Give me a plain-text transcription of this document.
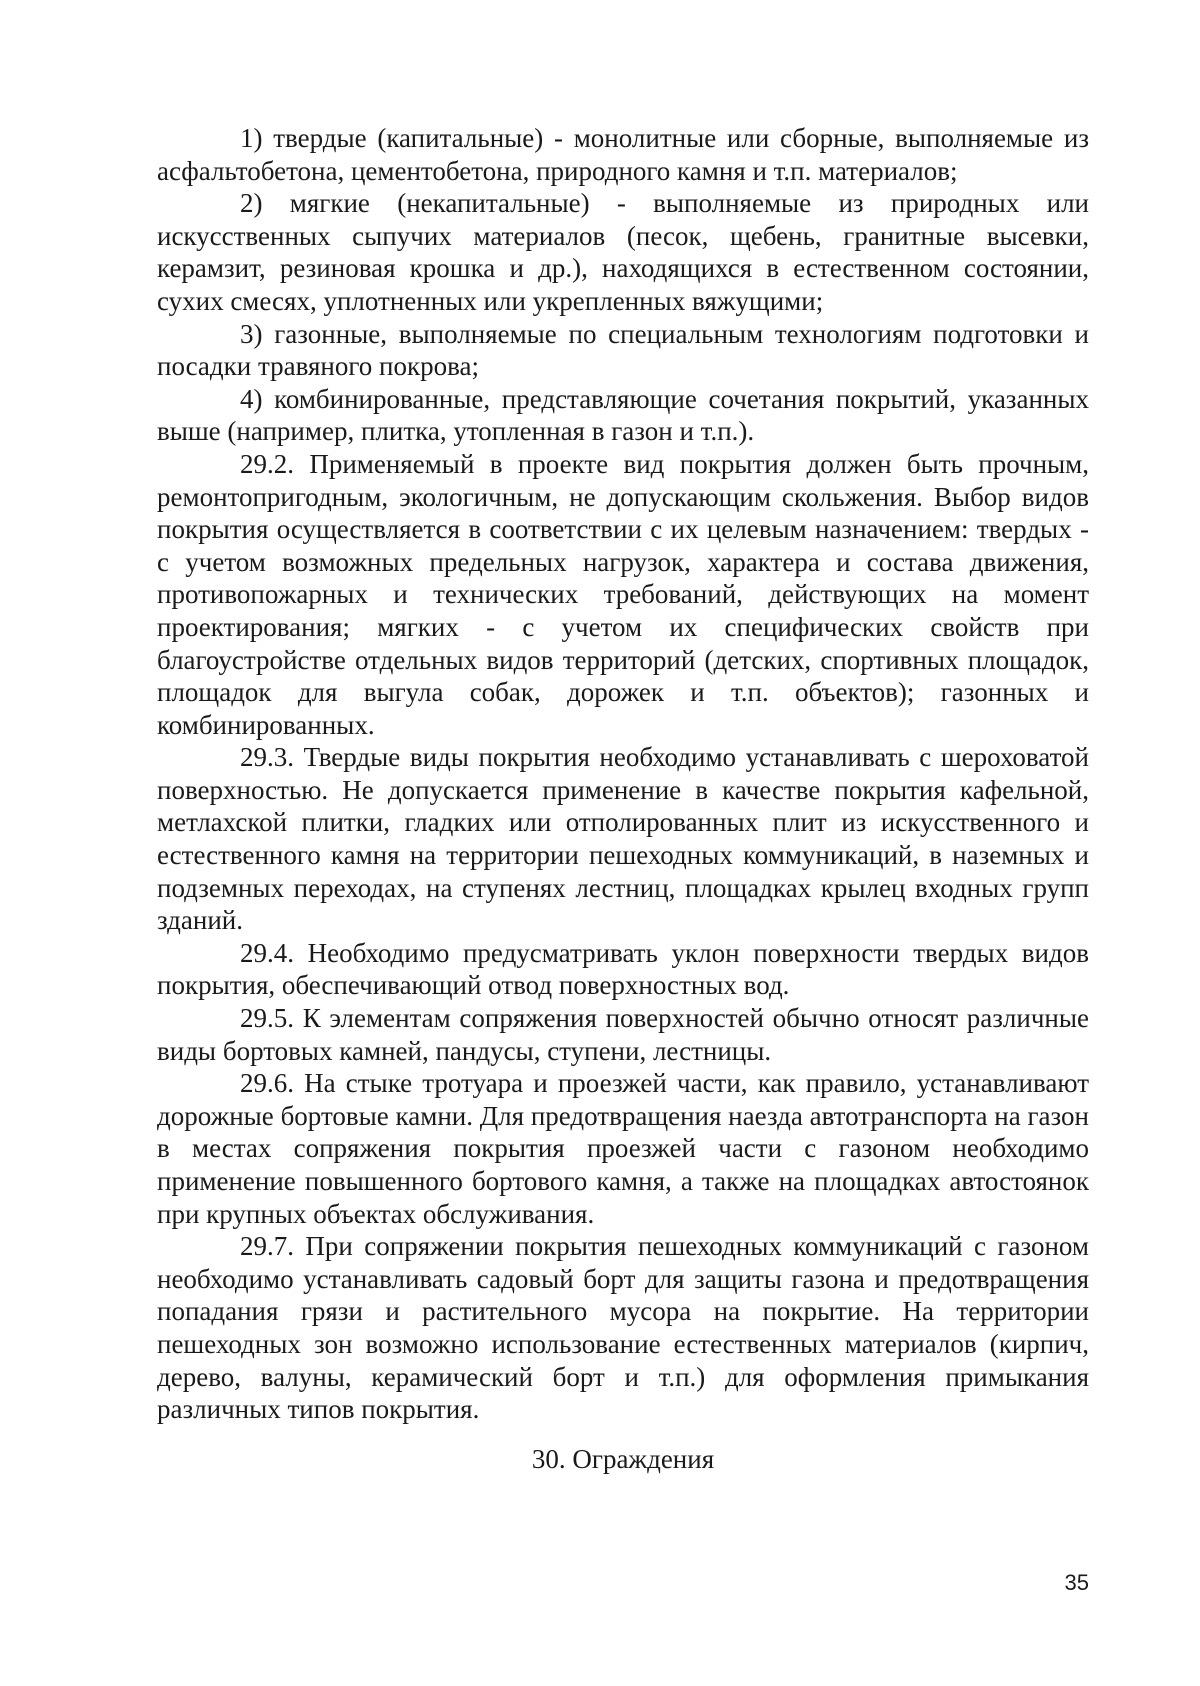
1) твердые (капитальные) - монолитные или сборные, выполняемые из асфальтобетона, цементобетона, природного камня и т.п. материалов;

2) мягкие (некапитальные) - выполняемые из природных или искусственных сыпучих материалов (песок, щебень, гранитные высевки, керамзит, резиновая крошка и др.), находящихся в естественном состоянии, сухих смесях, уплотненных или укрепленных вяжущими;

3) газонные, выполняемые по специальным технологиям подготовки и посадки травяного покрова;

4) комбинированные, представляющие сочетания покрытий, указанных выше (например, плитка, утопленная в газон и т.п.).

29.2. Применяемый в проекте вид покрытия должен быть прочным, ремонтопригодным, экологичным, не допускающим скольжения. Выбор видов покрытия осуществляется в соответствии с их целевым назначением: твердых - с учетом возможных предельных нагрузок, характера и состава движения, противопожарных и технических требований, действующих на момент проектирования; мягких - с учетом их специфических свойств при благоустройстве отдельных видов территорий (детских, спортивных площадок, площадок для выгула собак, дорожек и т.п. объектов); газонных и комбинированных.

29.3. Твердые виды покрытия необходимо устанавливать с шероховатой поверхностью. Не допускается применение в качестве покрытия кафельной, метлахской плитки, гладких или отполированных плит из искусственного и естественного камня на территории пешеходных коммуникаций, в наземных и подземных переходах, на ступенях лестниц, площадках крылец входных групп зданий.

29.4. Необходимо предусматривать уклон поверхности твердых видов покрытия, обеспечивающий отвод поверхностных вод.

29.5. К элементам сопряжения поверхностей обычно относят различные виды бортовых камней, пандусы, ступени, лестницы.

29.6. На стыке тротуара и проезжей части, как правило, устанавливают дорожные бортовые камни. Для предотвращения наезда автотранспорта на газон в местах сопряжения покрытия проезжей части с газоном необходимо применение повышенного бортового камня, а также на площадках автостоянок при крупных объектах обслуживания.

29.7. При сопряжении покрытия пешеходных коммуникаций с газоном необходимо устанавливать садовый борт для защиты газона и предотвращения попадания грязи и растительного мусора на покрытие. На территории пешеходных зон возможно использование естественных материалов (кирпич, дерево, валуны, керамический борт и т.п.) для оформления примыкания различных типов покрытия.

30. Ограждения
35
